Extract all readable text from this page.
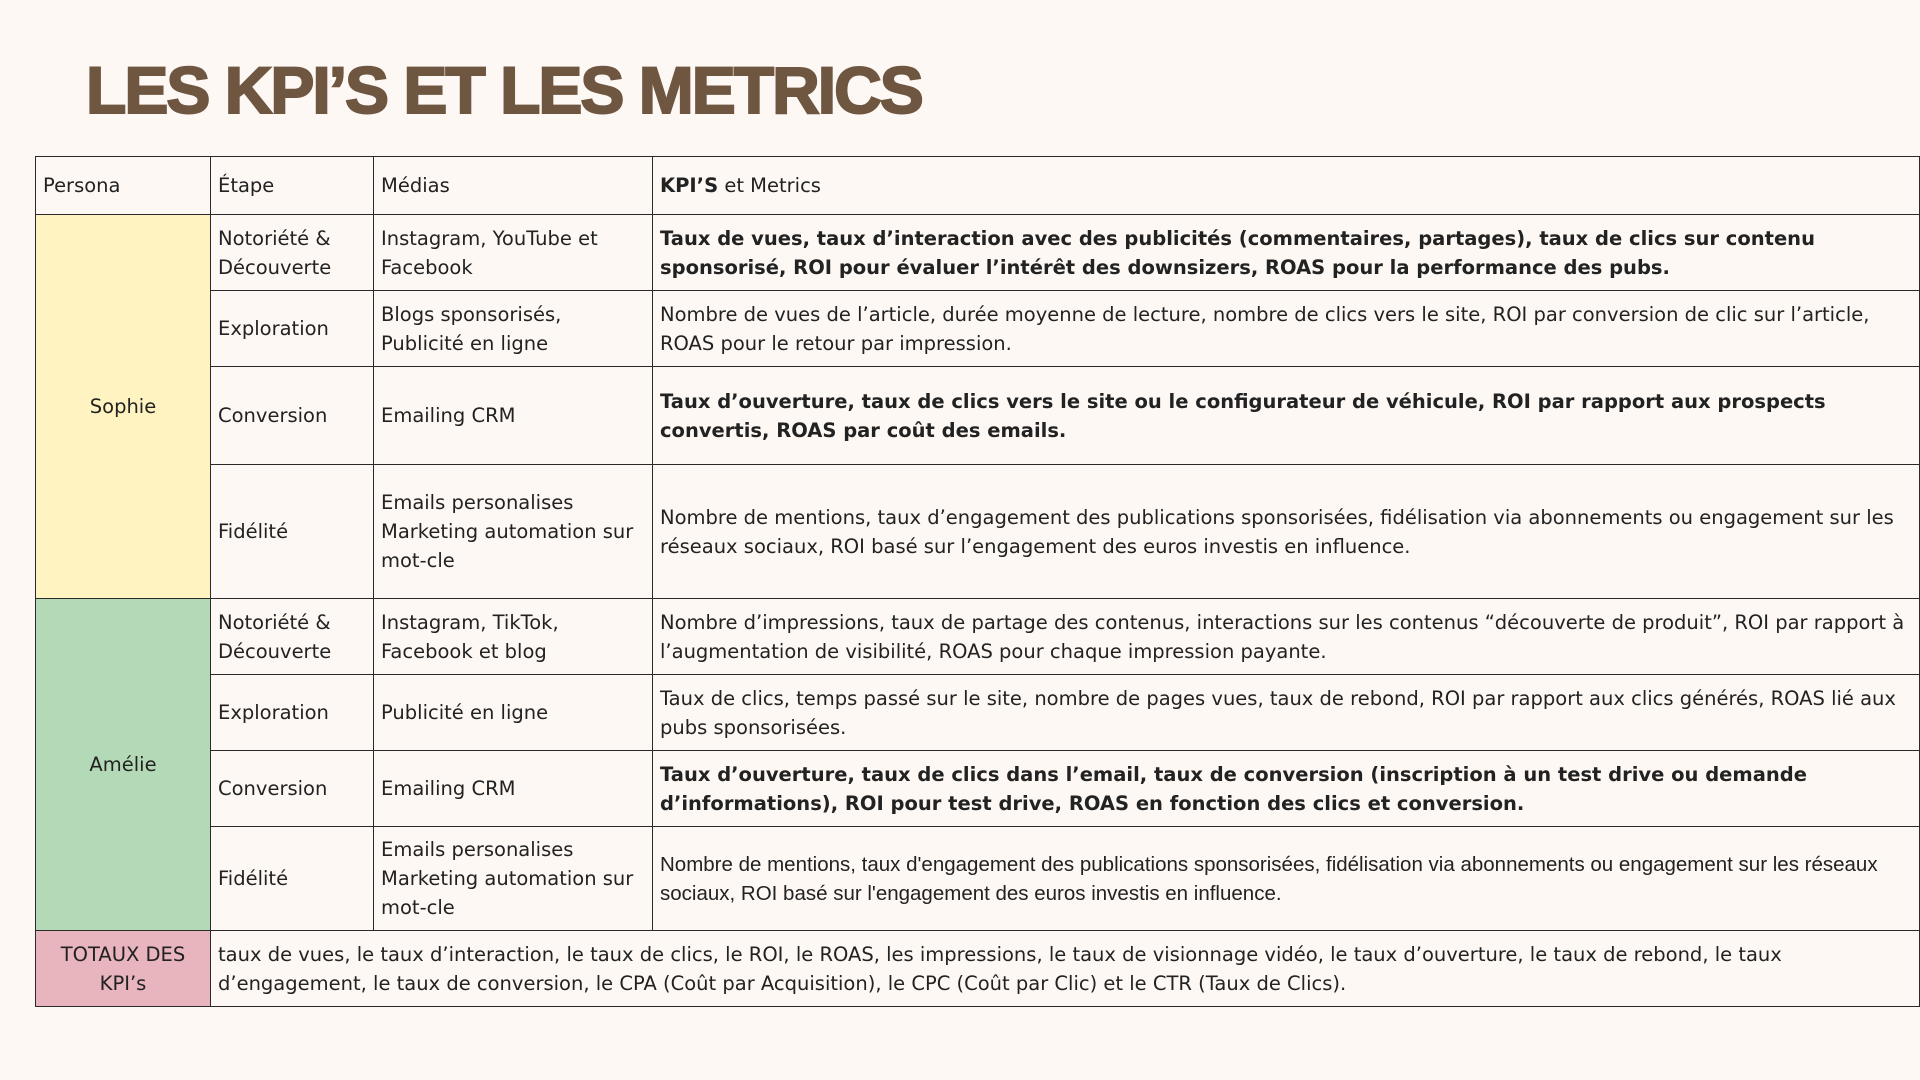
LES KPI’S ET LES METRICS
Persona	Étape	Médias	KPI’S et Metrics
Sophie	Notoriété & Découverte	Instagram, YouTube et Facebook	Taux de vues, taux d’interaction avec des publicités (commentaires, partages), taux de clics sur contenu sponsorisé, ROI pour évaluer l’intérêt des downsizers, ROAS pour la performance des pubs.
	Exploration	Blogs sponsorisés, Publicité en ligne	Nombre de vues de l’article, durée moyenne de lecture, nombre de clics vers le site, ROI par conversion de clic sur l’article, ROAS pour le retour par impression.
	Conversion	Emailing CRM	Taux d’ouverture, taux de clics vers le site ou le configurateur de véhicule, ROI par rapport aux prospects convertis, ROAS par coût des emails.
	Fidélité	Emails personalises Marketing automation sur mot-cle	Nombre de mentions, taux d’engagement des publications sponsorisées, fidélisation via abonnements ou engagement sur les réseaux sociaux, ROI basé sur l’engagement des euros investis en influence.
Amélie	Notoriété & Découverte	Instagram, TikTok, Facebook et blog	Nombre d’impressions, taux de partage des contenus, interactions sur les contenus “découverte de produit”, ROI par rapport à l’augmentation de visibilité, ROAS pour chaque impression payante.
	Exploration	Publicité en ligne	Taux de clics, temps passé sur le site, nombre de pages vues, taux de rebond, ROI par rapport aux clics générés, ROAS lié aux pubs sponsorisées.
	Conversion	Emailing CRM	Taux d’ouverture, taux de clics dans l’email, taux de conversion (inscription à un test drive ou demande d’informations), ROI pour test drive, ROAS en fonction des clics et conversion.
	Fidélité	Emails personalises Marketing automation sur mot-cle	Nombre de mentions, taux d'engagement des publications sponsorisées, fidélisation via abonnements ou engagement sur les réseaux sociaux, ROI basé sur l'engagement des euros investis en influence.
TOTAUX DES KPI’s	taux de vues, le taux d’interaction, le taux de clics, le ROI, le ROAS, les impressions, le taux de visionnage vidéo, le taux d’ouverture, le taux de rebond, le taux d’engagement, le taux de conversion, le CPA (Coût par Acquisition), le CPC (Coût par Clic) et le CTR (Taux de Clics).		
